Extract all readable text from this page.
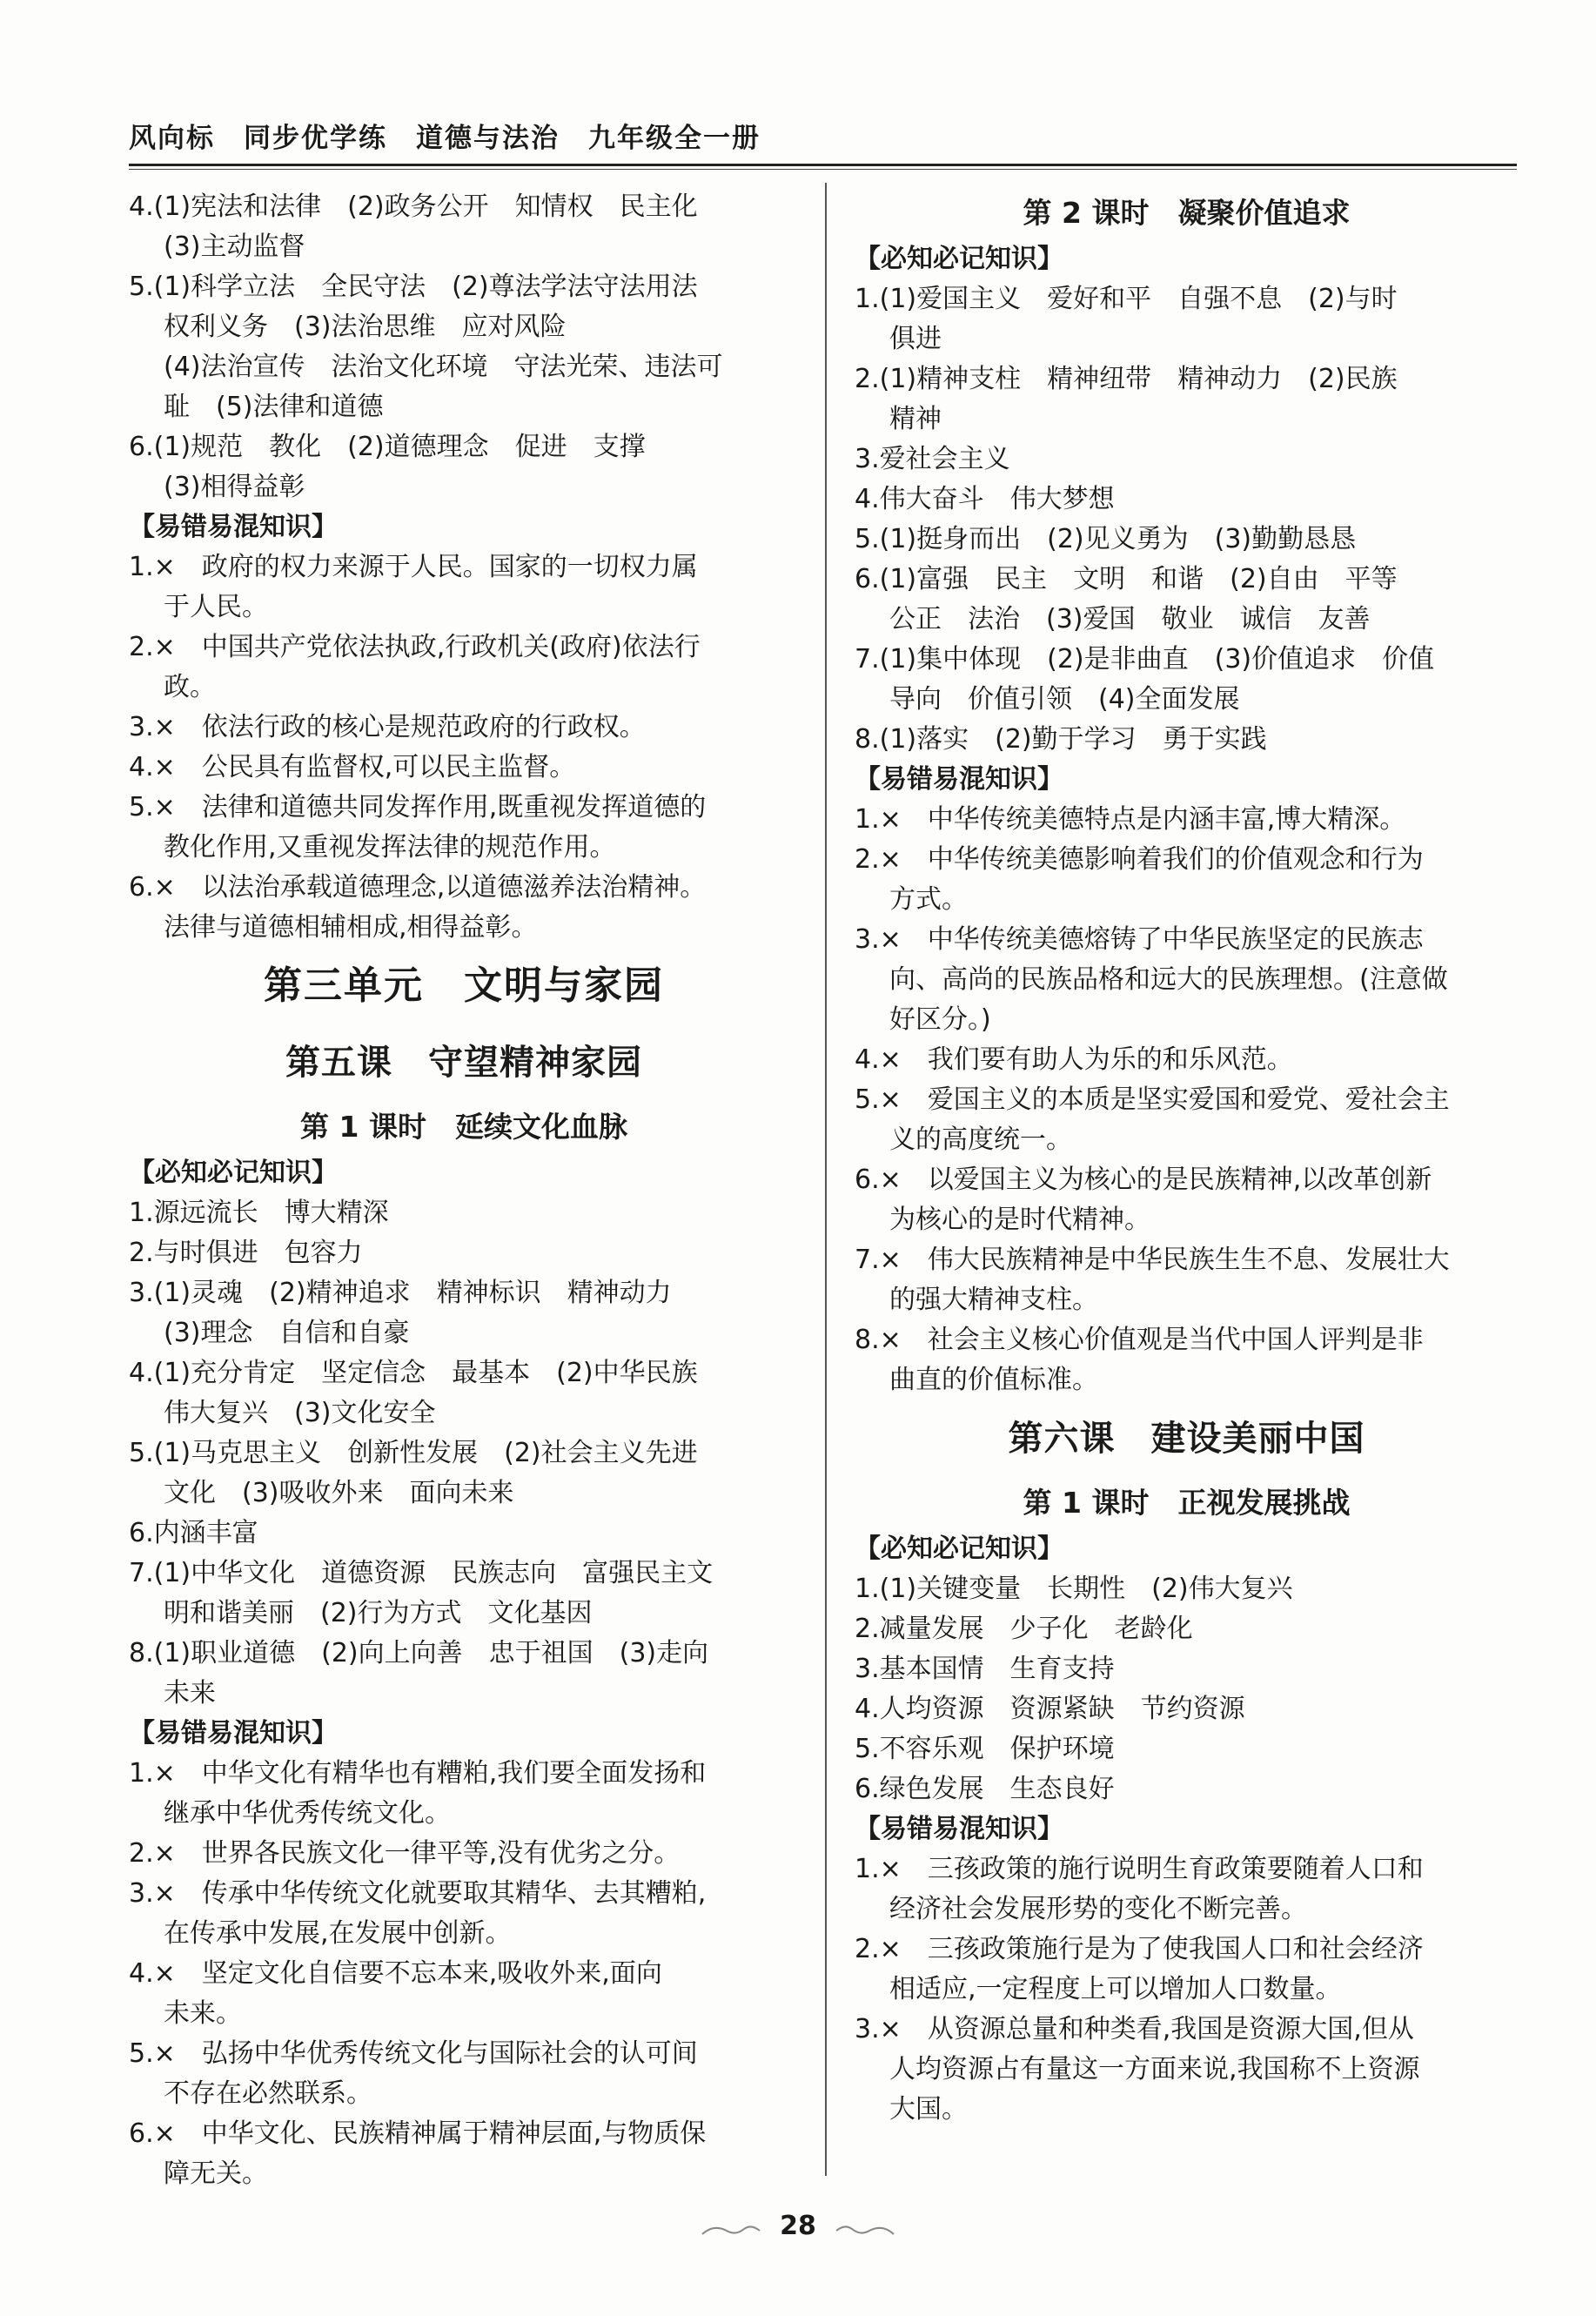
风向标　同步优学练　道德与法治　九年级全一册
4.(1)宪法和法律　(2)政务公开　知情权　民主化
(3)主动监督
5.(1)科学立法　全民守法　(2)尊法学法守法用法
权利义务　(3)法治思维　应对风险
(4)法治宣传　法治文化环境　守法光荣、违法可
耻　(5)法律和道德
6.(1)规范　教化　(2)道德理念　促进　支撑
(3)相得益彰
【易错易混知识】
1.×　政府的权力来源于人民。国家的一切权力属
于人民。
2.×　中国共产党依法执政,行政机关(政府)依法行
政。
3.×　依法行政的核心是规范政府的行政权。
4.×　公民具有监督权,可以民主监督。
5.×　法律和道德共同发挥作用,既重视发挥道德的
教化作用,又重视发挥法律的规范作用。
6.×　以法治承载道德理念,以道德滋养法治精神。
法律与道德相辅相成,相得益彰。
第三单元　文明与家园
第五课　守望精神家园
第 1 课时　延续文化血脉
【必知必记知识】
1.源远流长　博大精深
2.与时俱进　包容力
3.(1)灵魂　(2)精神追求　精神标识　精神动力
(3)理念　自信和自豪
4.(1)充分肯定　坚定信念　最基本　(2)中华民族
伟大复兴　(3)文化安全
5.(1)马克思主义　创新性发展　(2)社会主义先进
文化　(3)吸收外来　面向未来
6.内涵丰富
7.(1)中华文化　道德资源　民族志向　富强民主文
明和谐美丽　(2)行为方式　文化基因
8.(1)职业道德　(2)向上向善　忠于祖国　(3)走向
未来
【易错易混知识】
1.×　中华文化有精华也有糟粕,我们要全面发扬和
继承中华优秀传统文化。
2.×　世界各民族文化一律平等,没有优劣之分。
3.×　传承中华传统文化就要取其精华、去其糟粕,
在传承中发展,在发展中创新。
4.×　坚定文化自信要不忘本来,吸收外来,面向
未来。
5.×　弘扬中华优秀传统文化与国际社会的认可间
不存在必然联系。
6.×　中华文化、民族精神属于精神层面,与物质保
障无关。
第 2 课时　凝聚价值追求
【必知必记知识】
1.(1)爱国主义　爱好和平　自强不息　(2)与时
俱进
2.(1)精神支柱　精神纽带　精神动力　(2)民族
精神
3.爱社会主义
4.伟大奋斗　伟大梦想
5.(1)挺身而出　(2)见义勇为　(3)勤勤恳恳
6.(1)富强　民主　文明　和谐　(2)自由　平等
公正　法治　(3)爱国　敬业　诚信　友善
7.(1)集中体现　(2)是非曲直　(3)价值追求　价值
导向　价值引领　(4)全面发展
8.(1)落实　(2)勤于学习　勇于实践
【易错易混知识】
1.×　中华传统美德特点是内涵丰富,博大精深。
2.×　中华传统美德影响着我们的价值观念和行为
方式。
3.×　中华传统美德熔铸了中华民族坚定的民族志
向、高尚的民族品格和远大的民族理想。(注意做
好区分。)
4.×　我们要有助人为乐的和乐风范。
5.×　爱国主义的本质是坚实爱国和爱党、爱社会主
义的高度统一。
6.×　以爱国主义为核心的是民族精神,以改革创新
为核心的是时代精神。
7.×　伟大民族精神是中华民族生生不息、发展壮大
的强大精神支柱。
8.×　社会主义核心价值观是当代中国人评判是非
曲直的价值标准。
第六课　建设美丽中国
第 1 课时　正视发展挑战
【必知必记知识】
1.(1)关键变量　长期性　(2)伟大复兴
2.减量发展　少子化　老龄化
3.基本国情　生育支持
4.人均资源　资源紧缺　节约资源
5.不容乐观　保护环境
6.绿色发展　生态良好
【易错易混知识】
1.×　三孩政策的施行说明生育政策要随着人口和
经济社会发展形势的变化不断完善。
2.×　三孩政策施行是为了使我国人口和社会经济
相适应,一定程度上可以增加人口数量。
3.×　从资源总量和种类看,我国是资源大国,但从
人均资源占有量这一方面来说,我国称不上资源
大国。
28
